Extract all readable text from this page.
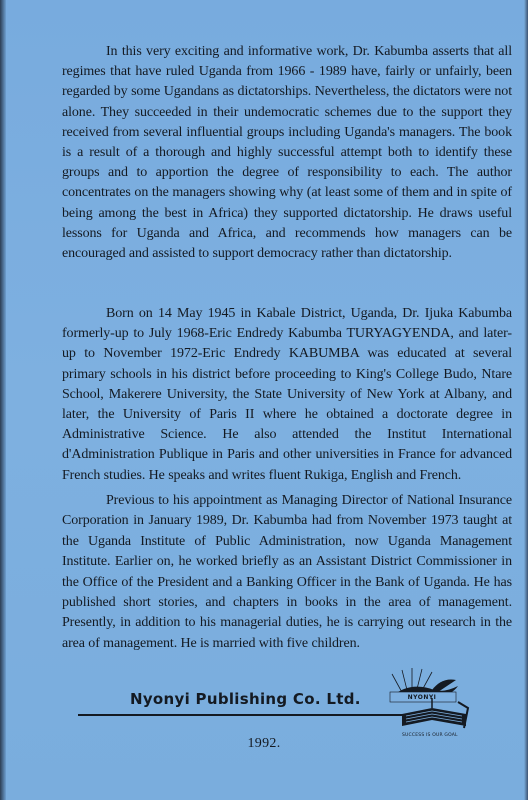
In this very exciting and informative work, Dr. Kabumba asserts that all regimes that have ruled Uganda from 1966 - 1989 have, fairly or unfairly, been regarded by some Ugandans as dictatorships. Nevertheless, the dictators were not alone. They succeeded in their undemocratic schemes due to the support they received from several influential groups including Uganda's managers. The book is a result of a thorough and highly successful attempt both to identify these groups and to apportion the degree of responsibility to each. The author concentrates on the managers showing why (at least some of them and in spite of being among the best in Africa) they supported dictatorship. He draws useful lessons for Uganda and Africa, and recommends how managers can be encouraged and assisted to support democracy rather than dictatorship.

Born on 14 May 1945 in Kabale District, Uganda, Dr. Ijuka Kabumba formerly-up to July 1968-Eric Endredy Kabumba TURYAGYENDA, and later-up to November 1972-Eric Endredy KABUMBA was educated at several primary schools in his district before proceeding to King's College Budo, Ntare School, Makerere University, the State University of New York at Albany, and later, the University of Paris II where he obtained a doctorate degree in Administrative Science. He also attended the Institut International d'Administration Publique in Paris and other universities in France for advanced French studies. He speaks and writes fluent Rukiga, English and French.

Previous to his appointment as Managing Director of National Insurance Corporation in January 1989, Dr. Kabumba had from November 1973 taught at the Uganda Institute of Public Administration, now Uganda Management Institute. Earlier on, he worked briefly as an Assistant District Commissioner in the Office of the President and a Banking Officer in the Bank of Uganda. He has published short stories, and chapters in books in the area of management. Presently, in addition to his managerial duties, he is carrying out research in the area of management. He is married with five children.

Nyonyi Publishing Co. Ltd.	NYONYI
SUCCESS IS OUR GOAL
1992.
